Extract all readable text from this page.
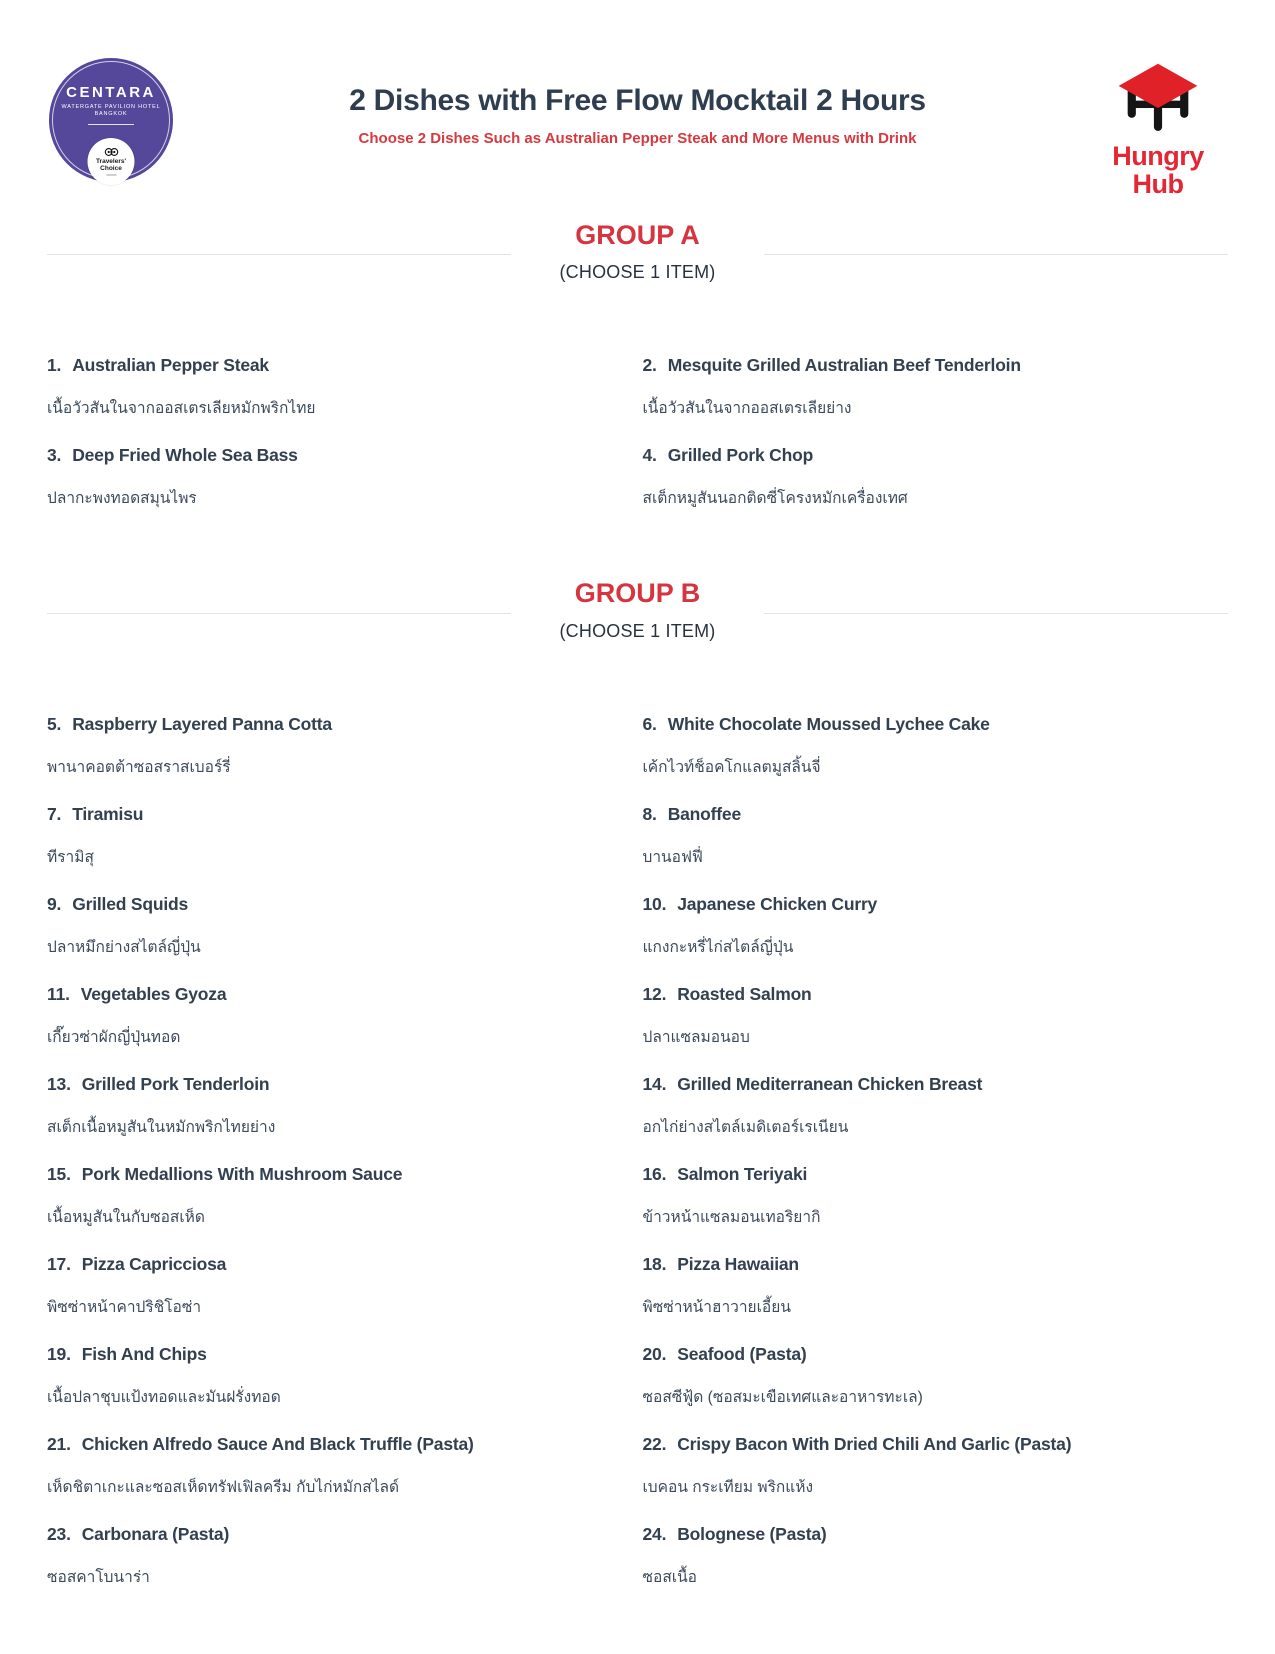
CENTARA
WATERGATE PAVILION HOTEL
BANGKOK
Travelers'
Choice
2 Dishes with Free Flow Mocktail 2 Hours

Choose 2 Dishes Such as Australian Pepper Steak and More Menus with Drink

Hungry
Hub
GROUP A

(CHOOSE 1 ITEM)

1. Australian Pepper Steak
เนื้อวัวสันในจากออสเตรเลียหมักพริกไทย
2. Mesquite Grilled Australian Beef Tenderloin
เนื้อวัวสันในจากออสเตรเลียย่าง
3. Deep Fried Whole Sea Bass
ปลากะพงทอดสมุนไพร
4. Grilled Pork Chop
สเต็กหมูสันนอกติดซี่โครงหมักเครื่องเทศ
GROUP B

(CHOOSE 1 ITEM)

5. Raspberry Layered Panna Cotta
พานาคอตต้าซอสราสเบอร์รี่
6. White Chocolate Moussed Lychee Cake
เค้กไวท์ช็อคโกแลตมูสลิ้นจี่
7. Tiramisu
ทีรามิสุ
8. Banoffee
บานอฟฟี่
9. Grilled Squids
ปลาหมึกย่างสไตล์ญี่ปุ่น
10. Japanese Chicken Curry
แกงกะหรี่ไก่สไตล์ญี่ปุ่น
11. Vegetables Gyoza
เกี๊ยวซ่าผักญี่ปุ่นทอด
12. Roasted Salmon
ปลาแซลมอนอบ
13. Grilled Pork Tenderloin
สเต็กเนื้อหมูสันในหมักพริกไทยย่าง
14. Grilled Mediterranean Chicken Breast
อกไก่ย่างสไตล์เมดิเตอร์เรเนียน
15. Pork Medallions With Mushroom Sauce
เนื้อหมูสันในกับซอสเห็ด
16. Salmon Teriyaki
ข้าวหน้าแซลมอนเทอริยากิ
17. Pizza Capricciosa
พิซซ่าหน้าคาปริชิโอซ่า
18. Pizza Hawaiian
พิซซ่าหน้าฮาวายเอี้ยน
19. Fish And Chips
เนื้อปลาชุบแป้งทอดและมันฝรั่งทอด
20. Seafood (Pasta)
ซอสซีฟู้ด (ซอสมะเขือเทศและอาหารทะเล)
21. Chicken Alfredo Sauce And Black Truffle (Pasta)
เห็ดชิตาเกะและซอสเห็ดทรัฟเฟิลครีม กับไก่หมักสไลด์
22. Crispy Bacon With Dried Chili And Garlic (Pasta)
เบคอน กระเทียม พริกแห้ง
23. Carbonara (Pasta)
ซอสคาโบนาร่า
24. Bolognese (Pasta)
ซอสเนื้อ
